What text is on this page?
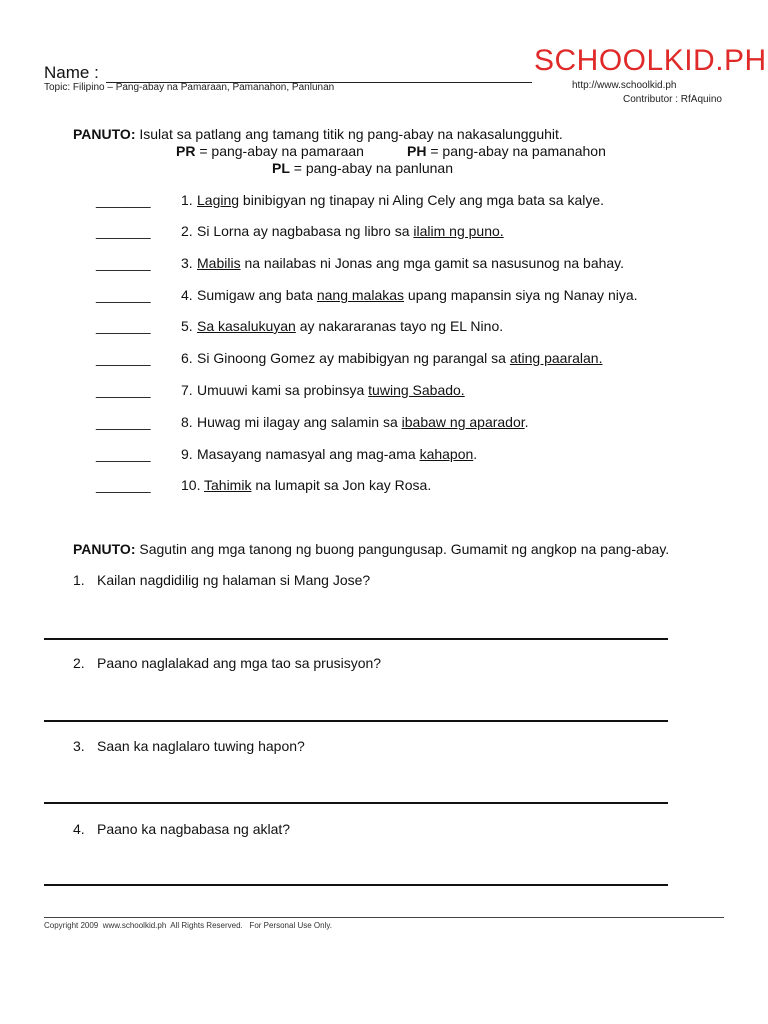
Name :
Topic: Filipino – Pang-abay na Pamaraan, Pamanahon, Panlunan
SCHOOLKID.PH
http://www.schoolkid.ph
Contributor : RfAquino
PANUTO: Isulat sa patlang ang tamang titik ng pang-abay na nakasalungguhit.
PR = pang-abay na pamaraan	PH = pang-abay na pamanahon
PL = pang-abay na panlunan
_______ 1. Laging binibigyan ng tinapay ni Aling Cely ang mga bata sa kalye.
_______ 2. Si Lorna ay nagbabasa ng libro sa ilalim ng puno.
_______ 3. Mabilis na nailabas ni Jonas ang mga gamit sa nasusunog na bahay.
_______ 4. Sumigaw ang bata nang malakas upang mapansin siya ng Nanay niya.
_______ 5. Sa kasalukuyan ay nakararanas tayo ng EL Nino.
_______ 6. Si Ginoong Gomez ay mabibigyan ng parangal sa ating paaralan.
_______ 7. Umuuwi kami sa probinsya tuwing Sabado.
_______ 8. Huwag mi ilagay ang salamin sa ibabaw ng aparador.
_______ 9. Masayang namasyal ang mag-ama kahapon.
_______ 10. Tahimik na lumapit sa Jon kay Rosa.
PANUTO: Sagutin ang mga tanong ng buong pangungusap. Gumamit ng angkop na pang-abay.
1. Kailan nagdidilig ng halaman si Mang Jose?
2. Paano naglalakad ang mga tao sa prusisyon?
3. Saan ka naglalaro tuwing hapon?
4. Paano ka nagbabasa ng aklat?
Copyright 2009  www.schoolkid.ph  All Rights Reserved.   For Personal Use Only.
